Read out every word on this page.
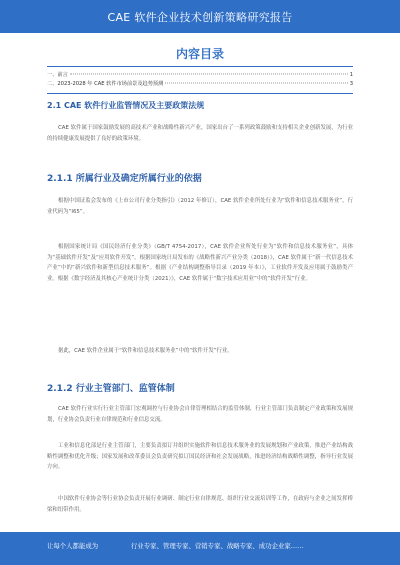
CAE 软件企业技术创新策略研究报告
内容目录
一、前言	1
二、2023-2028 年 CAE 软件市场前景及趋势预测	3
2.1 CAE 软件行业监管情况及主要政策法规

CAE 软件属于国家鼓励发展的高技术产业和战略性新兴产业，国家出台了一系列政策鼓励和支持相关企业创新发展，为行业的持续健康发展提供了良好的政策环境。

2.1.1 所属行业及确定所属行业的依据

根据中国证监会发布的《上市公司行业分类指引》（2012 年修订），CAE 软件企业所处行业为“软件和信息技术服务业”，行业代码为“I65”。

根据国家统计局《国民经济行业分类》（GB/T 4754-2017），CAE 软件企业所处行业为“软件和信息技术服务业”，具体为“基础软件开发”及“应用软件开发”。根据国家统计局发布的《战略性新兴产业分类（2018）》，CAE 软件属于“新一代信息技术产业”中的“新兴软件和新型信息技术服务”。根据《产业结构调整指导目录（2019 年本）》，工业软件开发及应用属于鼓励类产业。根据《数字经济及其核心产业统计分类（2021）》，CAE 软件属于“数字技术应用业”中的“软件开发”行业。

据此，CAE 软件企业属于“软件和信息技术服务业”中的“软件开发”行业。

2.1.2 行业主管部门、监管体制

CAE 软件行业实行行业主管部门宏观调控与行业协会自律管理相结合的监管体制，行业主管部门负责制定产业政策和发展规划，行业协会负责行业自律规范和行业信息交流。

工业和信息化部是行业主管部门，主要负责拟订并组织实施软件和信息技术服务业的发展规划和产业政策，推进产业结构战略性调整和优化升级；国家发展和改革委员会负责研究拟订国民经济和社会发展战略，推进经济结构战略性调整，指导行业发展方向。

中国软件行业协会等行业协会负责开展行业调研、制定行业自律规范、组织行业交流培训等工作，在政府与企业之间发挥桥梁和纽带作用。

让每个人都能成为	行业专家、管理专家、营销专家、战略专家、成功企业家……
